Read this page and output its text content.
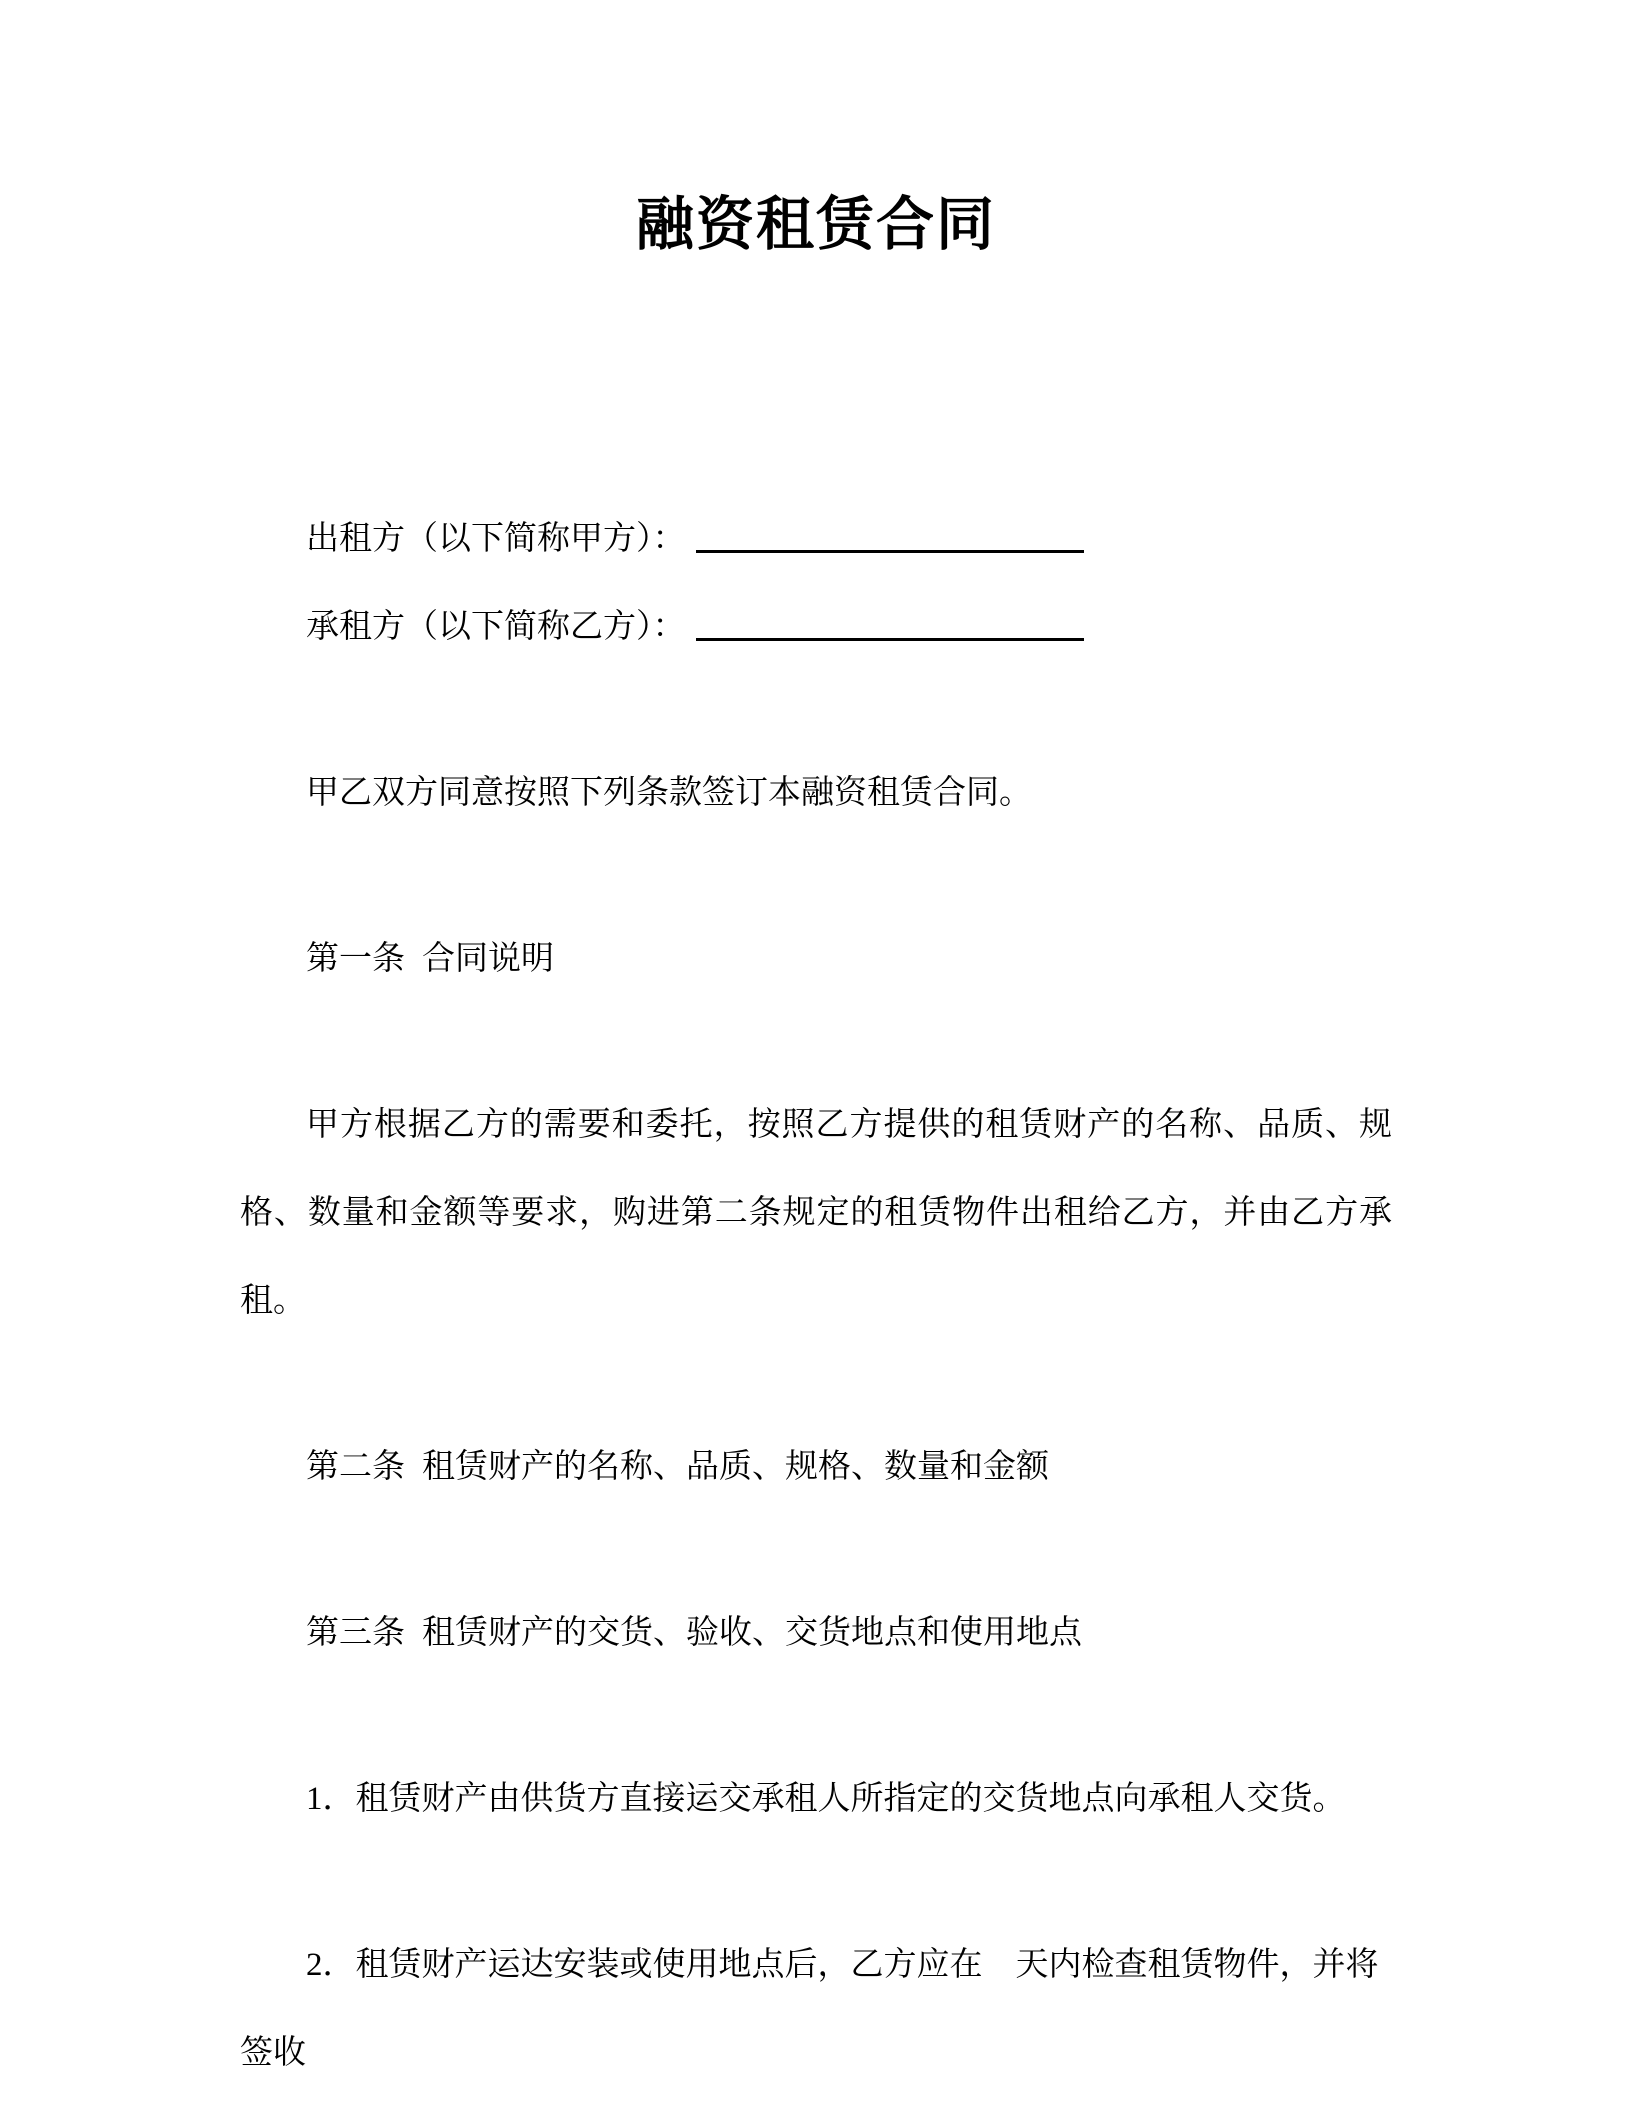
融资租赁合同

出租方（以下简称甲方）：

承租方（以下简称乙方）：

甲乙双方同意按照下列条款签订本融资租赁合同。

第一条 合同说明

甲方根据乙方的需要和委托，按照乙方提供的租赁财产的名称、品质、规格、数量和金额等要求，购进第二条规定的租赁物件出租给乙方，并由乙方承租。

第二条 租赁财产的名称、品质、规格、数量和金额

第三条 租赁财产的交货、验收、交货地点和使用地点

1．租赁财产由供货方直接运交承租人所指定的交货地点向承租人交货。

2．租赁财产运达安装或使用地点后，乙方应在　天内检查租赁物件，并将签收
